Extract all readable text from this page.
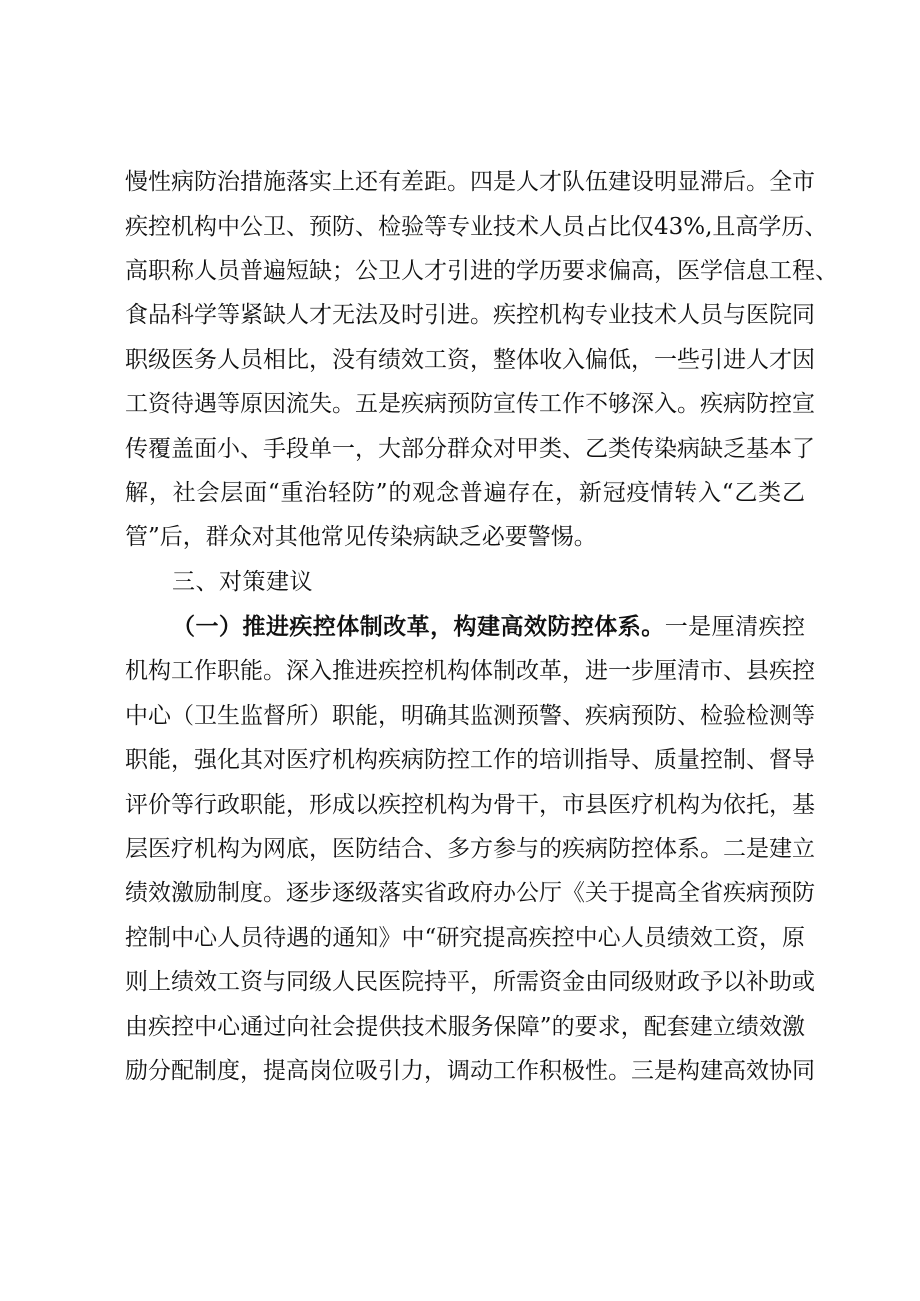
慢性病防治措施落实上还有差距。四是人才队伍建设明显滞后。全市
疾控机构中公卫、预防、检验等专业技术人员占比仅43%,且高学历、
高职称人员普遍短缺；公卫人才引进的学历要求偏高，医学信息工程、
食品科学等紧缺人才无法及时引进。疾控机构专业技术人员与医院同
职级医务人员相比，没有绩效工资，整体收入偏低，一些引进人才因
工资待遇等原因流失。五是疾病预防宣传工作不够深入。疾病防控宣
传覆盖面小、手段单一，大部分群众对甲类、乙类传染病缺乏基本了
解，社会层面“重治轻防”的观念普遍存在，新冠疫情转入“乙类乙
管”后，群众对其他常见传染病缺乏必要警惕。
三、对策建议
（一）推进疾控体制改革，构建高效防控体系。一是厘清疾控
机构工作职能。深入推进疾控机构体制改革，进一步厘清市、县疾控
中心（卫生监督所）职能，明确其监测预警、疾病预防、检验检测等
职能，强化其对医疗机构疾病防控工作的培训指导、质量控制、督导
评价等行政职能，形成以疾控机构为骨干，市县医疗机构为依托，基
层医疗机构为网底，医防结合、多方参与的疾病防控体系。二是建立
绩效激励制度。逐步逐级落实省政府办公厅《关于提高全省疾病预防
控制中心人员待遇的通知》中“研究提高疾控中心人员绩效工资，原
则上绩效工资与同级人民医院持平，所需资金由同级财政予以补助或
由疾控中心通过向社会提供技术服务保障”的要求，配套建立绩效激
励分配制度，提高岗位吸引力，调动工作积极性。三是构建高效协同
